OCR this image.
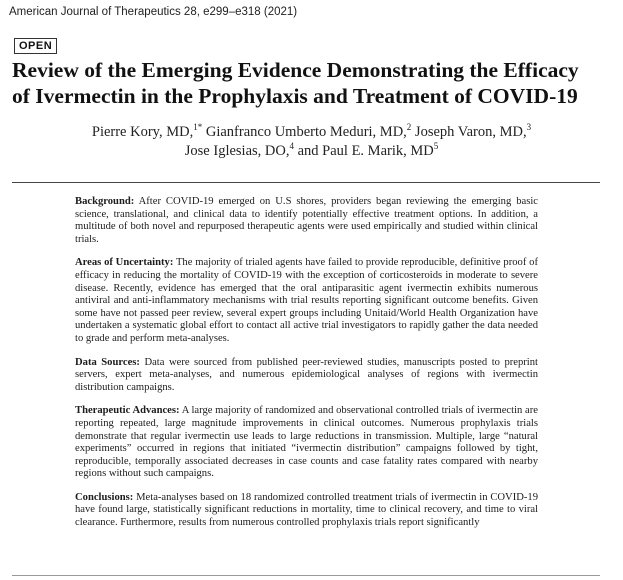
American Journal of Therapeutics 28, e299–e318 (2021)
OPEN
Review of the Emerging Evidence Demonstrating the Efficacy
of Ivermectin in the Prophylaxis and Treatment of COVID-19
Pierre Kory, MD,$^{1*}$ Gianfranco Umberto Meduri, MD,$^2$ Joseph Varon, MD,$^3$
Jose Iglesias, DO,$^4$ and Paul E. Marik, $MD^5$

Background: After COVID-19 emerged on U.S shores, providers began reviewing the emerging basic science, translational, and clinical data to identify potentially effective treatment options. In addition, a multitude of both novel and repurposed therapeutic agents were used empirically and studied within clinical trials.

Areas of Uncertainty: The majority of trialed agents have failed to provide reproducible, definitive proof of efficacy in reducing the mortality of COVID-19 with the exception of corticosteroids in moderate to severe disease. Recently, evidence has emerged that the oral antiparasitic agent ivermectin exhibits numerous antiviral and anti-inflammatory mechanisms with trial results reporting significant outcome benefits. Given some have not passed peer review, several expert groups including Unitaid/World Health Organization have undertaken a systematic global effort to contact all active trial investigators to rapidly gather the data needed to grade and perform meta-analyses.

Data Sources: Data were sourced from published peer-reviewed studies, manuscripts posted to preprint servers, expert meta-analyses, and numerous epidemiological analyses of regions with ivermectin distribution campaigns.

Therapeutic Advances: A large majority of randomized and observational controlled trials of ivermectin are reporting repeated, large magnitude improvements in clinical outcomes. Numerous prophylaxis trials demonstrate that regular ivermectin use leads to large reductions in transmission. Multiple, large “natural experiments” occurred in regions that initiated “ivermectin distribution” campaigns followed by tight, reproducible, temporally associated decreases in case counts and case fatality rates compared with nearby regions without such campaigns.

Conclusions: Meta-analyses based on 18 randomized controlled treatment trials of ivermectin in COVID-19 have found large, statistically significant reductions in mortality, time to clinical recovery, and time to viral clearance. Furthermore, results from numerous controlled prophylaxis trials report significantly
